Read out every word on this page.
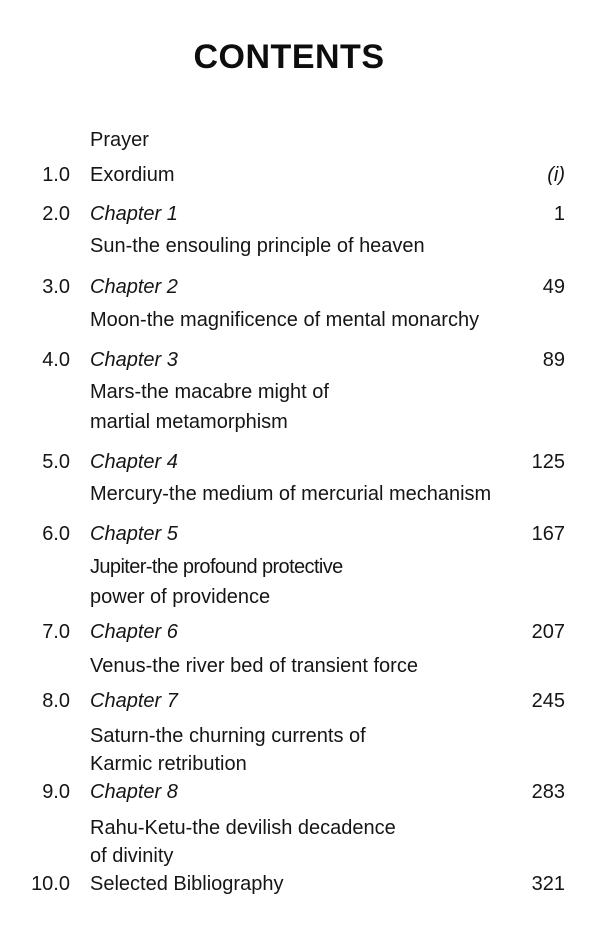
CONTENTS
Prayer
1.0 Exordium	(i)
2.0 Chapter 1	1
Sun-the ensouling principle of heaven
3.0 Chapter 2	49
Moon-the magnificence of mental monarchy
4.0 Chapter 3	89
Mars-the macabre might of
martial metamorphism
5.0 Chapter 4	125
Mercury-the medium of mercurial mechanism
6.0 Chapter 5	167
Jupiter-the profound protective
power of providence
7.0 Chapter 6	207
Venus-the river bed of transient force
8.0 Chapter 7	245
Saturn-the churning currents of
Karmic retribution
9.0 Chapter 8	283
Rahu-Ketu-the devilish decadence
of divinity
10.0 Selected Bibliography	321
